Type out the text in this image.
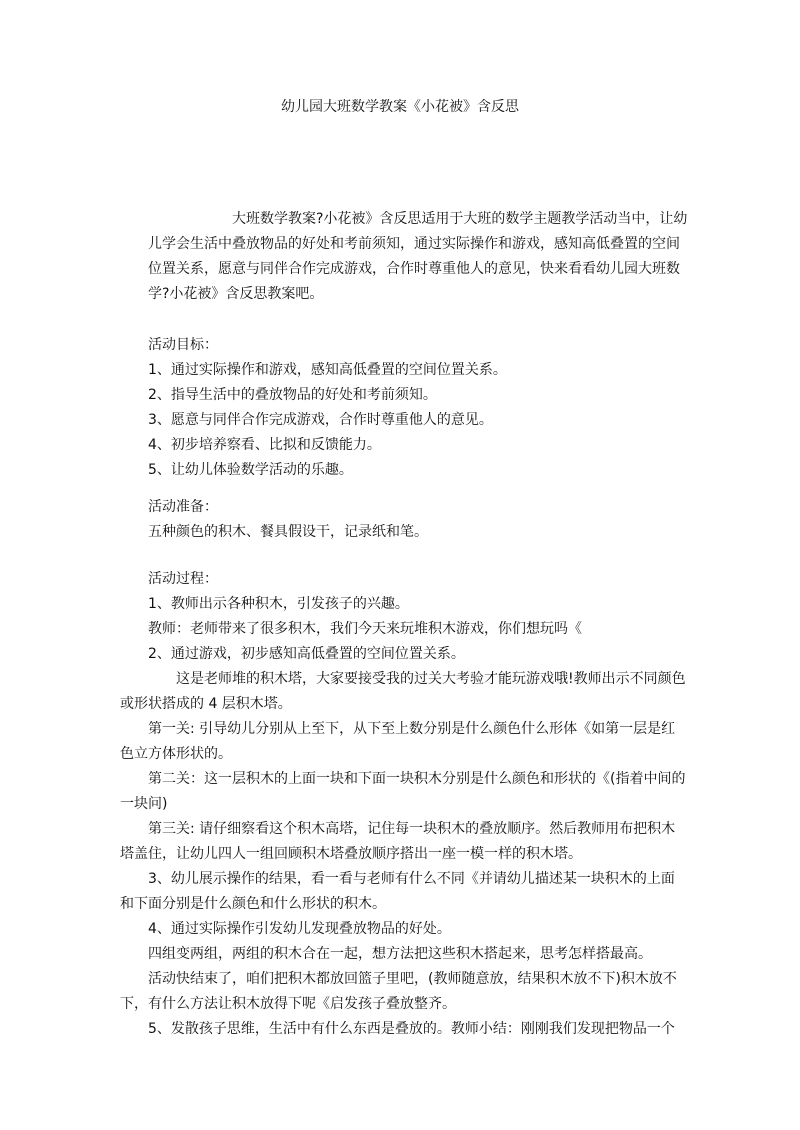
幼儿园大班数学教案《小花被》含反思

大班数学教案?小花被》含反思适用于大班的数学主题教学活动当中，让幼儿学会生活中叠放物品的好处和考前须知，通过实际操作和游戏，感知高低叠置的空间位置关系，愿意与同伴合作完成游戏，合作时尊重他人的意见，快来看看幼儿园大班数学?小花被》含反思教案吧。

活动目标：

1、通过实际操作和游戏，感知高低叠置的空间位置关系。

2、指导生活中的叠放物品的好处和考前须知。

3、愿意与同伴合作完成游戏，合作时尊重他人的意见。

4、初步培养察看、比拟和反馈能力。

5、让幼儿体验数学活动的乐趣。

活动准备：

五种颜色的积木、餐具假设干，记录纸和笔。

活动过程：

1、教师出示各种积木，引发孩子的兴趣。

教师：老师带来了很多积木，我们今天来玩堆积木游戏，你们想玩吗《

2、通过游戏，初步感知高低叠置的空间位置关系。

这是老师堆的积木塔，大家要接受我的过关大考验才能玩游戏哦!教师出示不同颜色或形状搭成的 4 层积木塔。

第一关: 引导幼儿分别从上至下，从下至上数分别是什么颜色什么形体《如第一层是红色立方体形状的。

第二关：这一层积木的上面一块和下面一块积木分别是什么颜色和形状的《(指着中间的一块问)

第三关: 请仔细察看这个积木高塔，记住每一块积木的叠放顺序。然后教师用布把积木塔盖住，让幼儿四人一组回顾积木塔叠放顺序搭出一座一模一样的积木塔。

3、幼儿展示操作的结果，看一看与老师有什么不同《并请幼儿描述某一块积木的上面和下面分别是什么颜色和什么形状的积木。

4、通过实际操作引发幼儿发现叠放物品的好处。

四组变两组，两组的积木合在一起，想方法把这些积木搭起来，思考怎样搭最高。

活动快结束了，咱们把积木都放回篮子里吧，(教师随意放，结果积木放不下)积木放不下，有什么方法让积木放得下呢《启发孩子叠放整齐。

5、发散孩子思维，生活中有什么东西是叠放的。教师小结：刚刚我们发现把物品一个
